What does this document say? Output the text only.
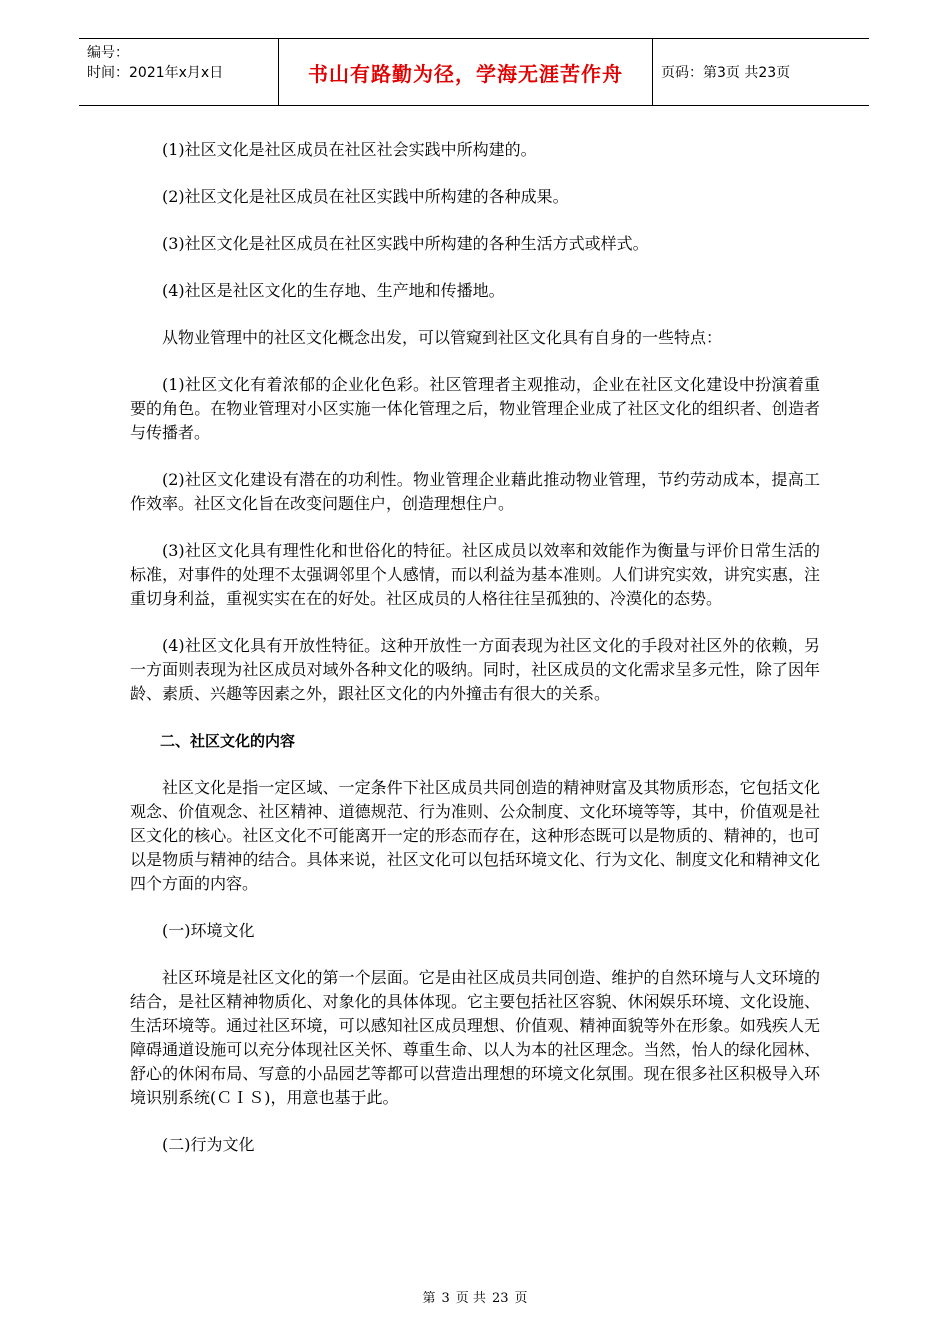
编号：
时间：2021年x月x日	书山有路勤为径，学海无涯苦作舟	页码：第3页 共23页

(1)社区文化是社区成员在社区社会实践中所构建的。

(2)社区文化是社区成员在社区实践中所构建的各种成果。

(3)社区文化是社区成员在社区实践中所构建的各种生活方式或样式。

(4)社区是社区文化的生存地、生产地和传播地。

从物业管理中的社区文化概念出发，可以管窥到社区文化具有自身的一些特点：

(1)社区文化有着浓郁的企业化色彩。社区管理者主观推动，企业在社区文化建设中扮演着重要的角色。在物业管理对小区实施一体化管理之后，物业管理企业成了社区文化的组织者、创造者与传播者。

(2)社区文化建设有潜在的功利性。物业管理企业藉此推动物业管理，节约劳动成本，提高工作效率。社区文化旨在改变问题住户，创造理想住户。

(3)社区文化具有理性化和世俗化的特征。社区成员以效率和效能作为衡量与评价日常生活的标准，对事件的处理不太强调邻里个人感情，而以利益为基本准则。人们讲究实效，讲究实惠，注重切身利益，重视实实在在的好处。社区成员的人格往往呈孤独的、冷漠化的态势。

(4)社区文化具有开放性特征。这种开放性一方面表现为社区文化的手段对社区外的依赖，另一方面则表现为社区成员对域外各种文化的吸纳。同时，社区成员的文化需求呈多元性，除了因年龄、素质、兴趣等因素之外，跟社区文化的内外撞击有很大的关系。

二、社区文化的内容

社区文化是指一定区域、一定条件下社区成员共同创造的精神财富及其物质形态，它包括文化观念、价值观念、社区精神、道德规范、行为准则、公众制度、文化环境等等，其中，价值观是社区文化的核心。社区文化不可能离开一定的形态而存在，这种形态既可以是物质的、精神的，也可以是物质与精神的结合。具体来说，社区文化可以包括环境文化、行为文化、制度文化和精神文化四个方面的内容。

(一)环境文化

社区环境是社区文化的第一个层面。它是由社区成员共同创造、维护的自然环境与人文环境的结合，是社区精神物质化、对象化的具体体现。它主要包括社区容貌、休闲娱乐环境、文化设施、生活环境等。通过社区环境，可以感知社区成员理想、价值观、精神面貌等外在形象。如残疾人无障碍通道设施可以充分体现社区关怀、尊重生命、以人为本的社区理念。当然，怡人的绿化园林、舒心的休闲布局、写意的小品园艺等都可以营造出理想的环境文化氛围。现在很多社区积极导入环境识别系统(ＣＩＳ)，用意也基于此。

(二)行为文化

第 3 页 共 23 页
